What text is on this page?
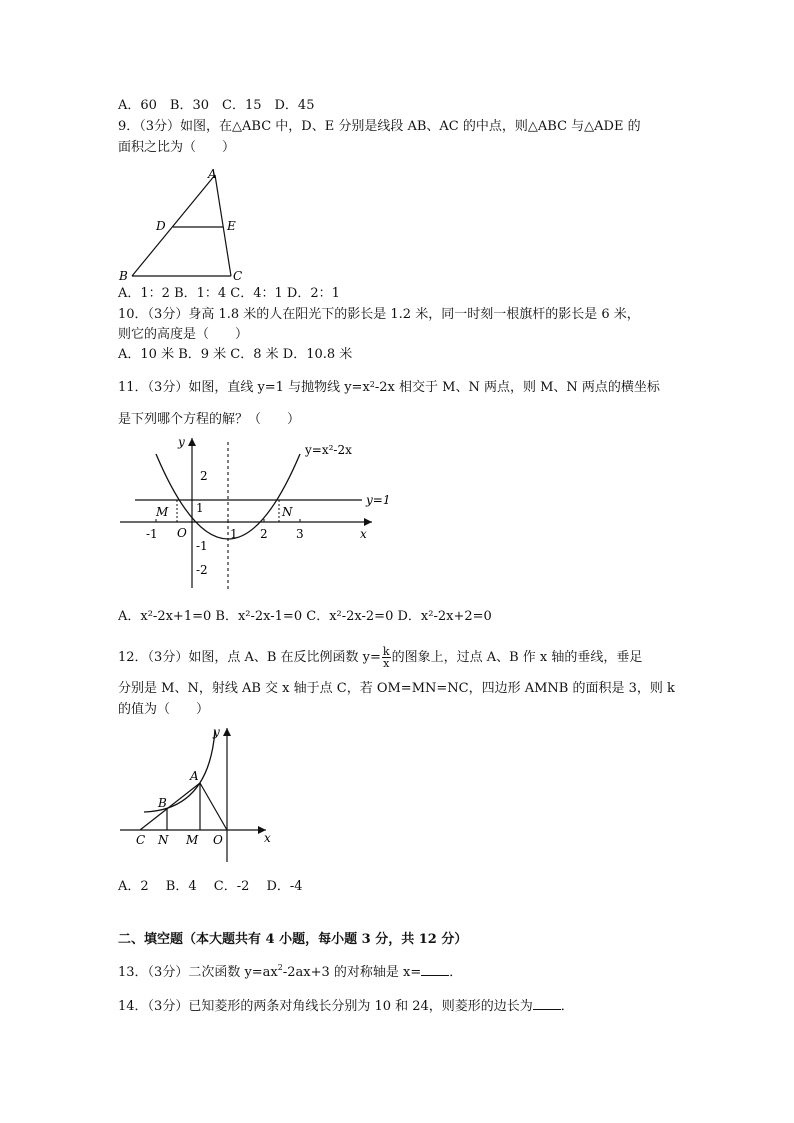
A．60　B．30　C．15　D．45
9．（3分）如图，在△ABC 中，D、E 分别是线段 AB、AC 的中点，则△ABC 与△ADE 的
面积之比为（　　）
A
D	E
B	C
A．1：2 B．1：4 C．4：1 D．2：1
10．（3分）身高 1.8 米的人在阳光下的影长是 1.2 米，同一时刻一根旗杆的影长是 6 米，
则它的高度是（　　）
A．10 米 B．9 米 C．8 米 D．10.8 米
11．（3分）如图，直线 y=1 与抛物线 $y=x^2-2x$ 相交于 M、N 两点，则 M、N 两点的横坐标
是下列哪个方程的解？（　　）
y
x
O
y=x²-2x
y=1
M	N
-1	1 2 3
2
1
-1
-2
A．x²-2x+1=0 B．x²-2x-1=0 C．x²-2x-2=0 D．x²-2x+2=0
12．（3分）如图，点 A、B 在反比例函数 $y= \frac{k}{x}$ 的图象上，过点 A、B 作 x 轴的垂线，垂足
分别是 M、N，射线 AB 交 x 轴于点 C，若 OM=MN=NC，四边形 AMNB 的面积是 3，则 k
的值为（　　）
y
x
A
B
C N M O
A．2　 B．4　 C．-2　 D．-4
二、填空题（本大题共有 4 小题，每小题 3 分，共 12 分）
13．（3分）二次函数 $y=ax^2-2ax+3$ 的对称轴是 x= ．
14．（3分）已知菱形的两条对角线长分别为 10 和 24，则菱形的边长为 ．
